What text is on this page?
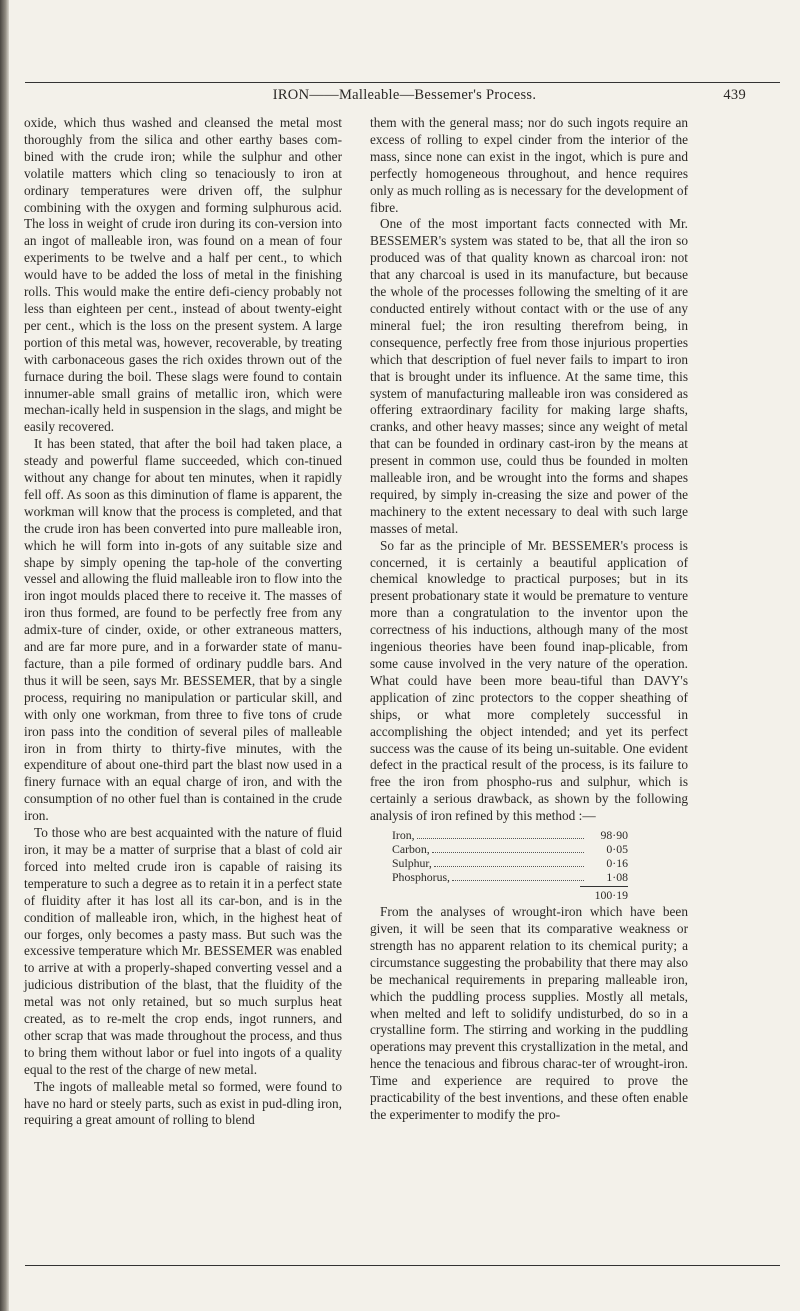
IRON——Malleable—Bessemer's Process.	439

oxide, which thus washed and cleansed the metal most thoroughly from the silica and other earthy bases com-bined with the crude iron; while the sulphur and other volatile matters which cling so tenaciously to iron at ordinary temperatures were driven off, the sulphur combining with the oxygen and forming sulphurous acid. The loss in weight of crude iron during its con-version into an ingot of malleable iron, was found on a mean of four experiments to be twelve and a half per cent., to which would have to be added the loss of metal in the finishing rolls. This would make the entire defi-ciency probably not less than eighteen per cent., instead of about twenty-eight per cent., which is the loss on the present system. A large portion of this metal was, however, recoverable, by treating with carbonaceous gases the rich oxides thrown out of the furnace during the boil. These slags were found to contain innumer-able small grains of metallic iron, which were mechan-ically held in suspension in the slags, and might be easily recovered.

It has been stated, that after the boil had taken place, a steady and powerful flame succeeded, which con-tinued without any change for about ten minutes, when it rapidly fell off. As soon as this diminution of flame is apparent, the workman will know that the process is completed, and that the crude iron has been converted into pure malleable iron, which he will form into in-gots of any suitable size and shape by simply opening the tap-hole of the converting vessel and allowing the fluid malleable iron to flow into the iron ingot moulds placed there to receive it. The masses of iron thus formed, are found to be perfectly free from any admix-ture of cinder, oxide, or other extraneous matters, and are far more pure, and in a forwarder state of manu-facture, than a pile formed of ordinary puddle bars. And thus it will be seen, says Mr. BESSEMER, that by a single process, requiring no manipulation or particular skill, and with only one workman, from three to five tons of crude iron pass into the condition of several piles of malleable iron in from thirty to thirty-five minutes, with the expenditure of about one-third part the blast now used in a finery furnace with an equal charge of iron, and with the consumption of no other fuel than is contained in the crude iron.

To those who are best acquainted with the nature of fluid iron, it may be a matter of surprise that a blast of cold air forced into melted crude iron is capable of raising its temperature to such a degree as to retain it in a perfect state of fluidity after it has lost all its car-bon, and is in the condition of malleable iron, which, in the highest heat of our forges, only becomes a pasty mass. But such was the excessive temperature which Mr. BESSEMER was enabled to arrive at with a properly-shaped converting vessel and a judicious distribution of the blast, that the fluidity of the metal was not only retained, but so much surplus heat created, as to re-melt the crop ends, ingot runners, and other scrap that was made throughout the process, and thus to bring them without labor or fuel into ingots of a quality equal to the rest of the charge of new metal.

The ingots of malleable metal so formed, were found to have no hard or steely parts, such as exist in pud-dling iron, requiring a great amount of rolling to blend

them with the general mass; nor do such ingots require an excess of rolling to expel cinder from the interior of the mass, since none can exist in the ingot, which is pure and perfectly homogeneous throughout, and hence requires only as much rolling as is necessary for the development of fibre.

One of the most important facts connected with Mr. BESSEMER's system was stated to be, that all the iron so produced was of that quality known as charcoal iron: not that any charcoal is used in its manufacture, but because the whole of the processes following the smelting of it are conducted entirely without contact with or the use of any mineral fuel; the iron resulting therefrom being, in consequence, perfectly free from those injurious properties which that description of fuel never fails to impart to iron that is brought under its influence. At the same time, this system of manufacturing malleable iron was considered as offering extraordinary facility for making large shafts, cranks, and other heavy masses; since any weight of metal that can be founded in ordinary cast-iron by the means at present in common use, could thus be founded in molten malleable iron, and be wrought into the forms and shapes required, by simply in-creasing the size and power of the machinery to the extent necessary to deal with such large masses of metal.

So far as the principle of Mr. BESSEMER's process is concerned, it is certainly a beautiful application of chemical knowledge to practical purposes; but in its present probationary state it would be premature to venture more than a congratulation to the inventor upon the correctness of his inductions, although many of the most ingenious theories have been found inap-plicable, from some cause involved in the very nature of the operation. What could have been more beau-tiful than DAVY's application of zinc protectors to the copper sheathing of ships, or what more completely successful in accomplishing the object intended; and yet its perfect success was the cause of its being un-suitable. One evident defect in the practical result of the process, is its failure to free the iron from phospho-rus and sulphur, which is certainly a serious drawback, as shown by the following analysis of iron refined by this method :—

Iron,	98·90
Carbon,	0·05
Sulphur,	0·16
Phosphorus,	1·08
100·19

From the analyses of wrought-iron which have been given, it will be seen that its comparative weakness or strength has no apparent relation to its chemical purity; a circumstance suggesting the probability that there may also be mechanical requirements in preparing malleable iron, which the puddling process supplies. Mostly all metals, when melted and left to solidify undisturbed, do so in a crystalline form. The stirring and working in the puddling operations may prevent this crystallization in the metal, and hence the tenacious and fibrous charac-ter of wrought-iron. Time and experience are required to prove the practicability of the best inventions, and these often enable the experimenter to modify the pro-
